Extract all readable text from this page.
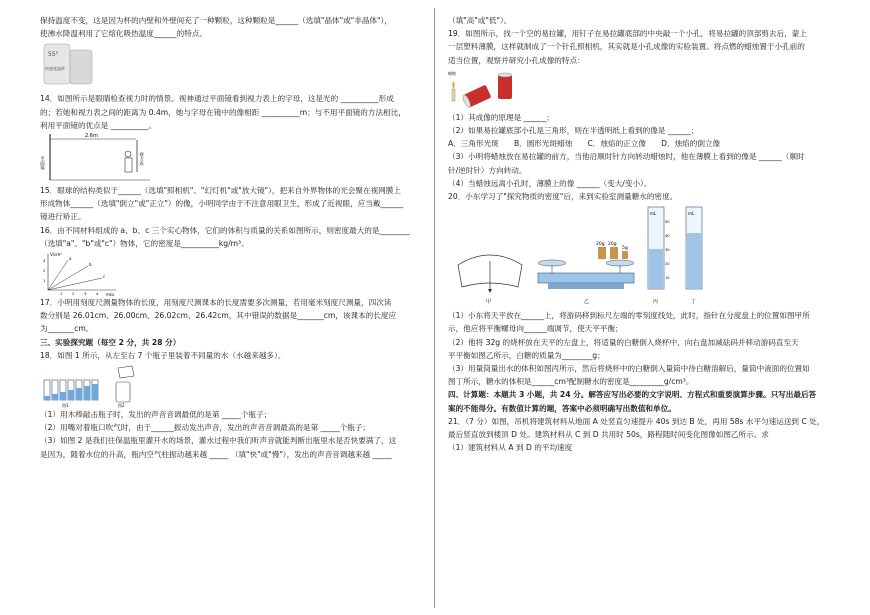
保持温度不变，这是因为杯的内壁和外壁间充了一种颗粒，这种颗粒是______（选填"晶体"或"非晶体"），

使沸水降温利用了它熔化吸热温度______的特点。

55°
快速变温杯

14．如图所示是眼睛检查视力时的情景。视神通过平面镜看到视力表上的字母，这是光的 __________形成

的；若她和视力表之间的距离为 0.4m，她与字母在镜中的像相距 __________m；与不用平面镜的方法相比，

利用平面镜的优点是 __________。

2.6m
平面镜	视力表

15．眼球的结构类似于______（选填"照相机"、"幻灯机"或"放大镜"），把来自外界物体的光会聚在视网膜上

形成物体______（选填"倒立"或"正立"）的像，小明同学由于不注意用眼卫生，形成了近视眼，应当戴______

镜进行矫正。

16．由不同材料组成的 a、b、c 三个实心物体，它们的体积与质量的关系如图所示，则密度最大的是________

（选填"a"、"b"或"c"）物体，它的密度是__________kg/m³。

V/cm³
m/g
a
b
c
1	2	3	4
1
2
3

17．小明用刻度尺测量物体的长度，用刻度尺测课本的长度需要多次测量，若用毫米刻度尺测量，四次读

数分别是 26.01cm、26.00cm、26.02cm、26.42cm，其中错误的数据是_______cm，该课本的长度应

为_______cm。

三、实验探究题（每空 2 分，共 28 分）

18．如图 1 所示，从左至右 7 个瓶子里装着不同量的水（水越来越多）。

图1	图2

（1）用木棒敲击瓶子时，发出的声音音调最低的是第 _____个瓶子；

（2）用嘴对着瓶口吹气时，由于______振动发出声音，发出的声音音调最高的是第 _____个瓶子；

（3）如图 2 是我们往保温瓶里灌开水的场景，灌水过程中我们听声音就能判断出瓶里水是否快要满了，这

是因为，随着水位的升高，瓶内空气柱振动越来越 _____ （填"快"或"慢"），发出的声音音调越来越 _____

（填"高"或"低"）。

19．如图所示，找一个空的易拉罐，用钉子在易拉罐底部的中央敲一个小孔，将易拉罐的顶部剪去后，蒙上

一层塑料薄膜，这样就制成了一个针孔照相机，其实就是小孔成像的实验装置。将点燃的蜡烛置于小孔前的

适当位置，观察并研究小孔成像的特点：

蜡烛

（1）其成像的原理是 ______；

（2）如果易拉罐底部小孔是三角形，则在半透明纸上看到的像是 ______；

A．三角形光斑　　B．圆形光斑蜡烛　　C．烛焰的正立像　　D．烛焰的倒立像

（3）小明将蜡烛放在易拉罐的前方，当他沿顺时针方向转动蜡烛时，他在薄膜上看到的像是 ______（顺时

针/逆时针）方向转动。

（4）当蜡烛远离小孔时，薄膜上的像 ______（变大/变小）。

20．小东学习了"探究物质的密度"后，来到实验室测量糖水的密度。

20g 20g
5g
mL
50
40
30
20
10
mL
甲	乙	丙	丁

（1）小东将天平放在______上，将游码移到标尺左端的零刻度线处，此时，指针在分度盘上的位置如图甲所

示，他应将平衡螺母向______端调节，使天平平衡；

（2）他将 32g 的烧杯放在天平的左盘上，将适量的白糖倒入烧杯中，向右盘加减砝码并移动游码直至天

平平衡如图乙所示，白糖的质量为________g；

（3）用量筒量出水的体积如图丙所示，然后将烧杯中的白糖倒入量筒中待白糖溶解后，量筒中液面的位置如

图丁所示，糖水的体积是______cm³配制糖水的密度是_________g/cm³。

四、计算题：本题共 3 小题，共 24 分。解答应写出必要的文字说明、方程式和重要演算步骤。只写出最后答

案的不能得分。有数值计算的题，答案中必须明确写出数值和单位。

21．（7 分）如图，吊机将建筑材料从地面 A 处竖直匀速提升 40s 到达 B 处，再用 58s 水平匀速运送到 C 处，

最后竖直放到楼顶 D 处。建筑材料从 C 到 D 共用时 50s，路程随时间变化图像如图乙所示。求

（1）建筑材料从 A 到 D 的平均速度
